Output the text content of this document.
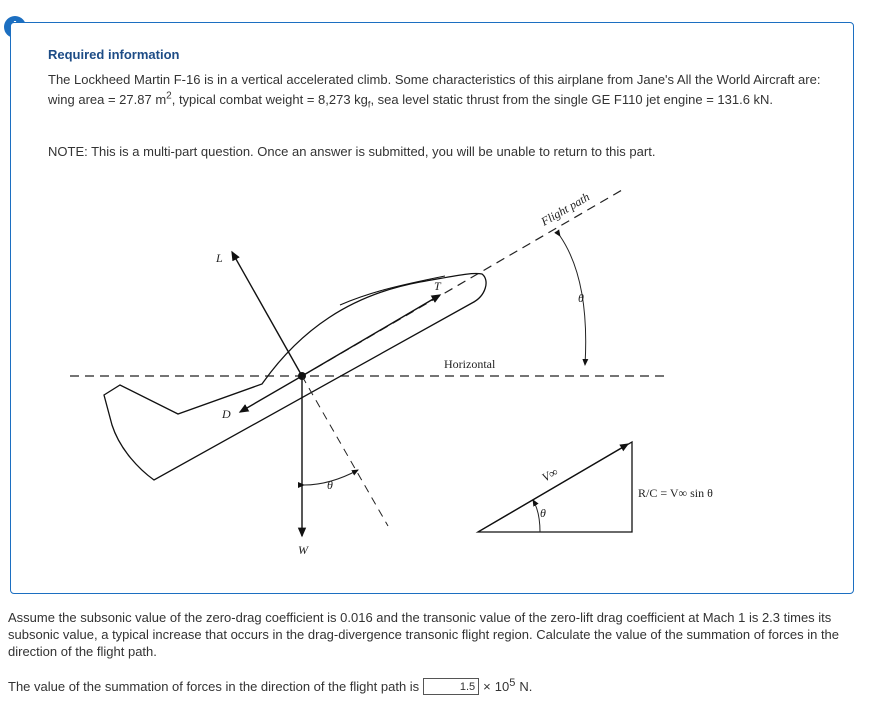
Required information
The Lockheed Martin F-16 is in a vertical accelerated climb. Some characteristics of this airplane from Jane's All the World Aircraft are: wing area = 27.87 $m^2$, typical combat weight = 8,273 $kg_f$, sea level static thrust from the single GE F110 jet engine = 131.6 kN.
NOTE: This is a multi-part question. Once an answer is submitted, you will be unable to return to this part.
L
T
D
W
θ
θ
θ
Flight path
Horizontal
V∞
R/C = V∞ sin θ
Assume the subsonic value of the zero-drag coefficient is 0.016 and the transonic value of the zero-lift drag coefficient at Mach 1 is 2.3 times its subsonic value, a typical increase that occurs in the drag-divergence transonic flight region. Calculate the value of the summation of forces in the direction of the flight path.
The value of the summation of forces in the direction of the flight path is	$1.5 \times 10^5$ N.
